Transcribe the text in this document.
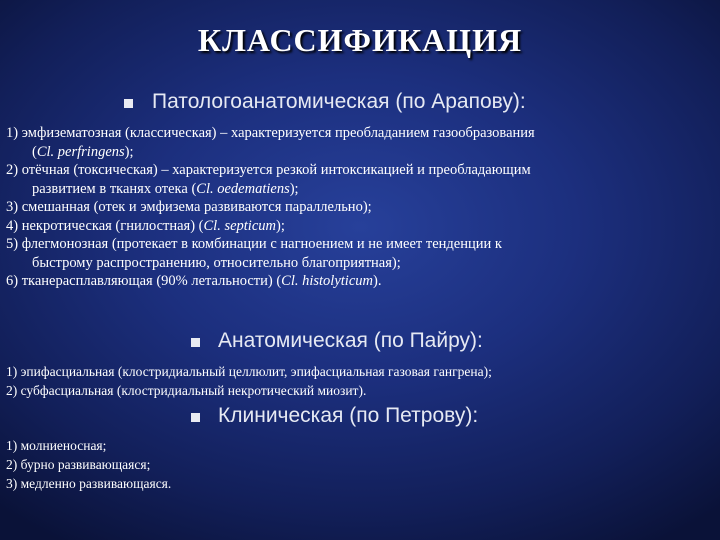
КЛАССИФИКАЦИЯ
Патологоанатомическая (по Арапову):
1) эмфизематозная (классическая) – характеризуется преобладанием газообразования
(Cl. perfringens);
2) отёчная (токсическая) – характеризуется резкой интоксикацией и преобладающим
развитием в тканях отека (Cl. oedematiens);
3) смешанная (отек и эмфизема развиваются параллельно);
4) некротическая (гнилостная) (Cl. septicum);
5) флегмонозная (протекает в комбинации с нагноением и не имеет тенденции к
быстрому распространению, относительно благоприятная);
6) тканерасплавляющая (90% летальности) (Cl. histolyticum).
Анатомическая (по Пайру):
1) эпифасциальная (клостридиальный целлюлит, эпифасциальная газовая гангрена);
2) субфасциальная (клостридиальный некротический миозит).
Клиническая (по Петрову):
1) молниеносная;
2) бурно развивающаяся;
3) медленно развивающаяся.
